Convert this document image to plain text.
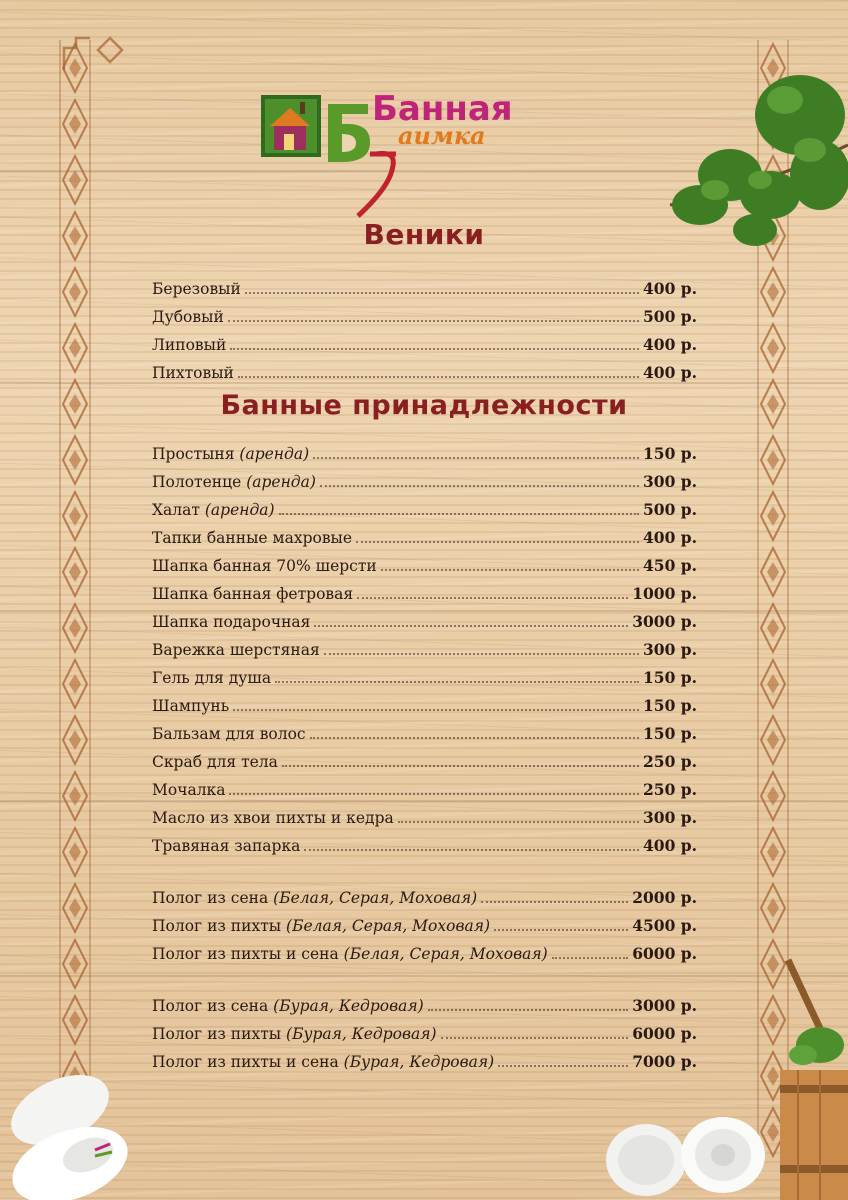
Банная
аимка
Веники
Банные принадлежности
Березовый	400 р.
Дубовый	500 р.
Липовый	400 р.
Пихтовый	400 р.
Простыня (аренда)	150 р.
Полотенце (аренда)	300 р.
Халат (аренда)	500 р.
Тапки банные махровые	400 р.
Шапка банная 70% шерсти	450 р.
Шапка банная фетровая	1000 р.
Шапка подарочная	3000 р.
Варежка шерстяная	300 р.
Гель для душа	150 р.
Шампунь	150 р.
Бальзам для волос	150 р.
Скраб для тела	250 р.
Мочалка	250 р.
Масло из хвои пихты и кедра	300 р.
Травяная запарка	400 р.
Полог из сена (Белая, Серая, Моховая)	2000 р.
Полог из пихты (Белая, Серая, Моховая)	4500 р.
Полог из пихты и сена (Белая, Серая, Моховая)	6000 р.
Полог из сена (Бурая, Кедровая)	3000 р.
Полог из пихты (Бурая, Кедровая)	6000 р.
Полог из пихты и сена (Бурая, Кедровая)	7000 р.
